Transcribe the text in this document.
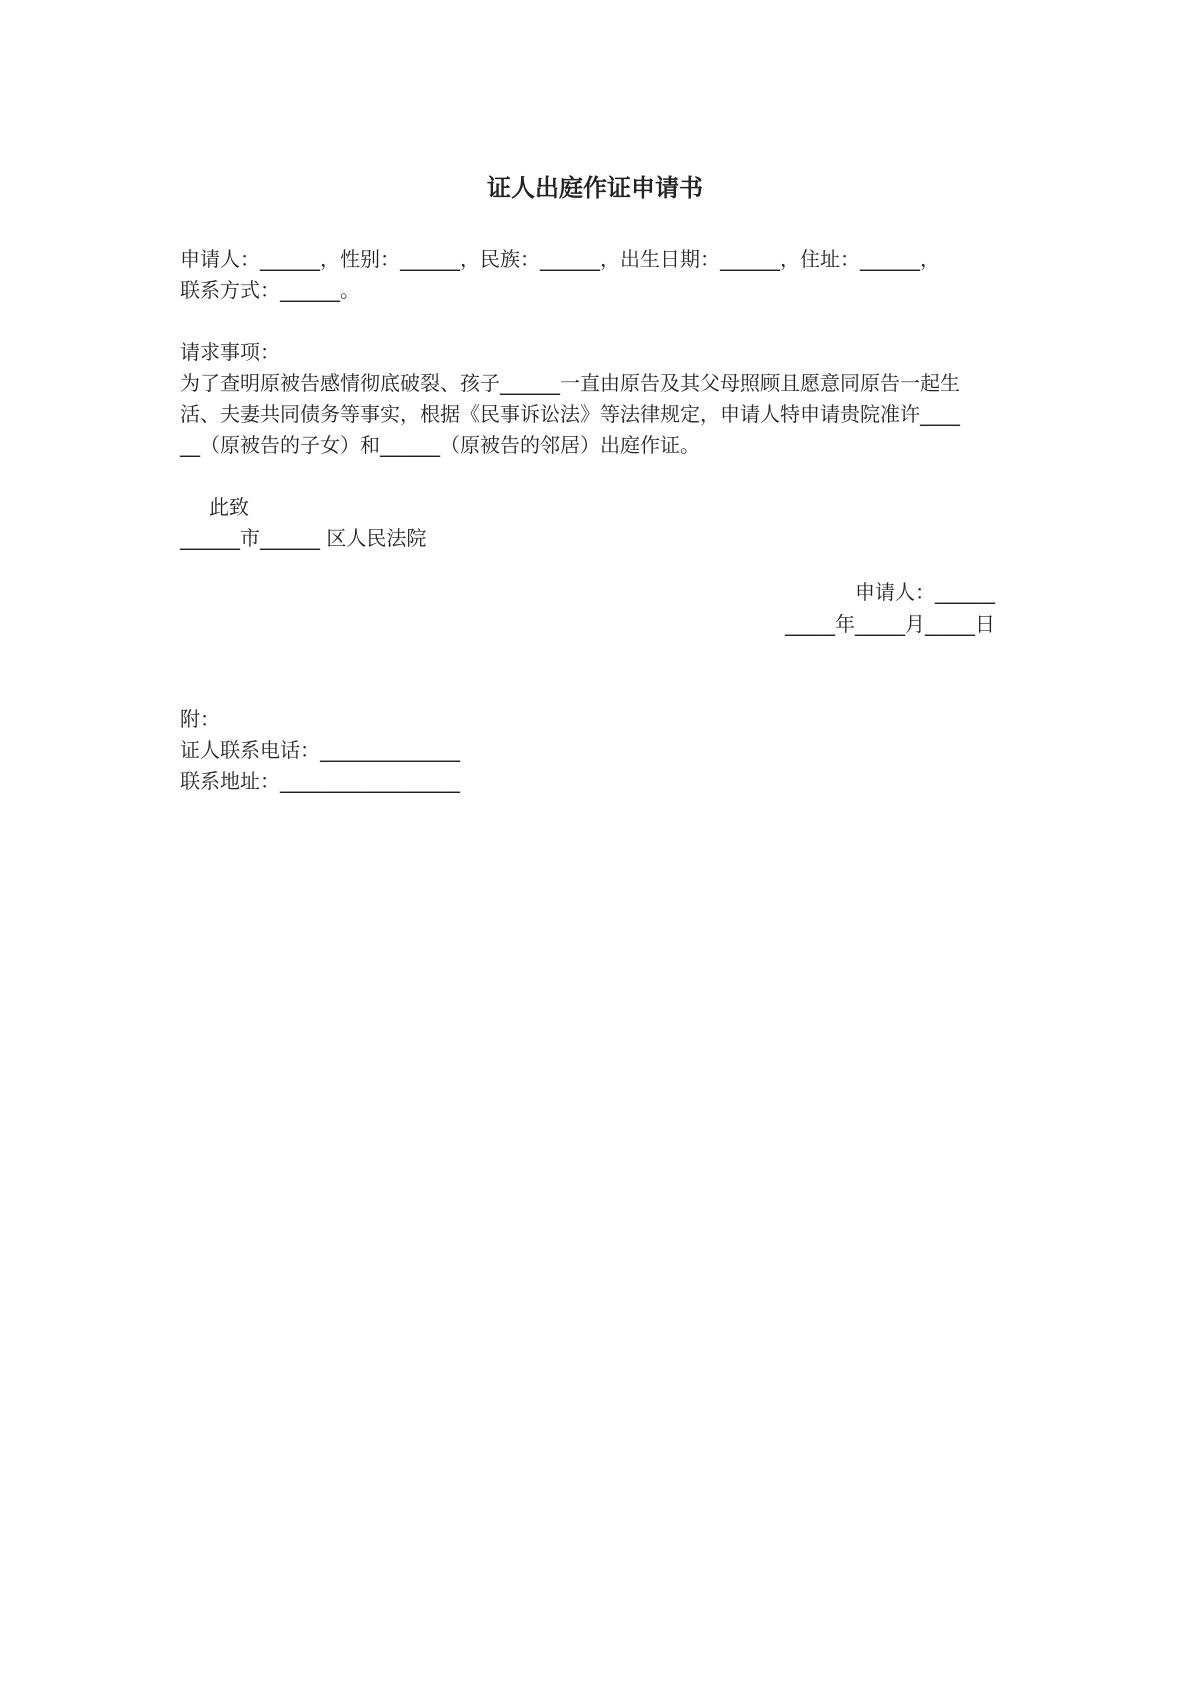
证人出庭作证申请书
申请人：______，性别：______，民族：______，出生日期：______，住址：______，
联系方式：______。
请求事项：
为了查明原被告感情彻底破裂、孩子______一直由原告及其父母照顾且愿意同原告一起生
活、夫妻共同债务等事实，根据《民事诉讼法》等法律规定，申请人特申请贵院准许____
__（原被告的子女）和______（原被告的邻居）出庭作证。
此致
______市______ 区人民法院
申请人：______
_____年_____月_____日
附：
证人联系电话：______________
联系地址：__________________
